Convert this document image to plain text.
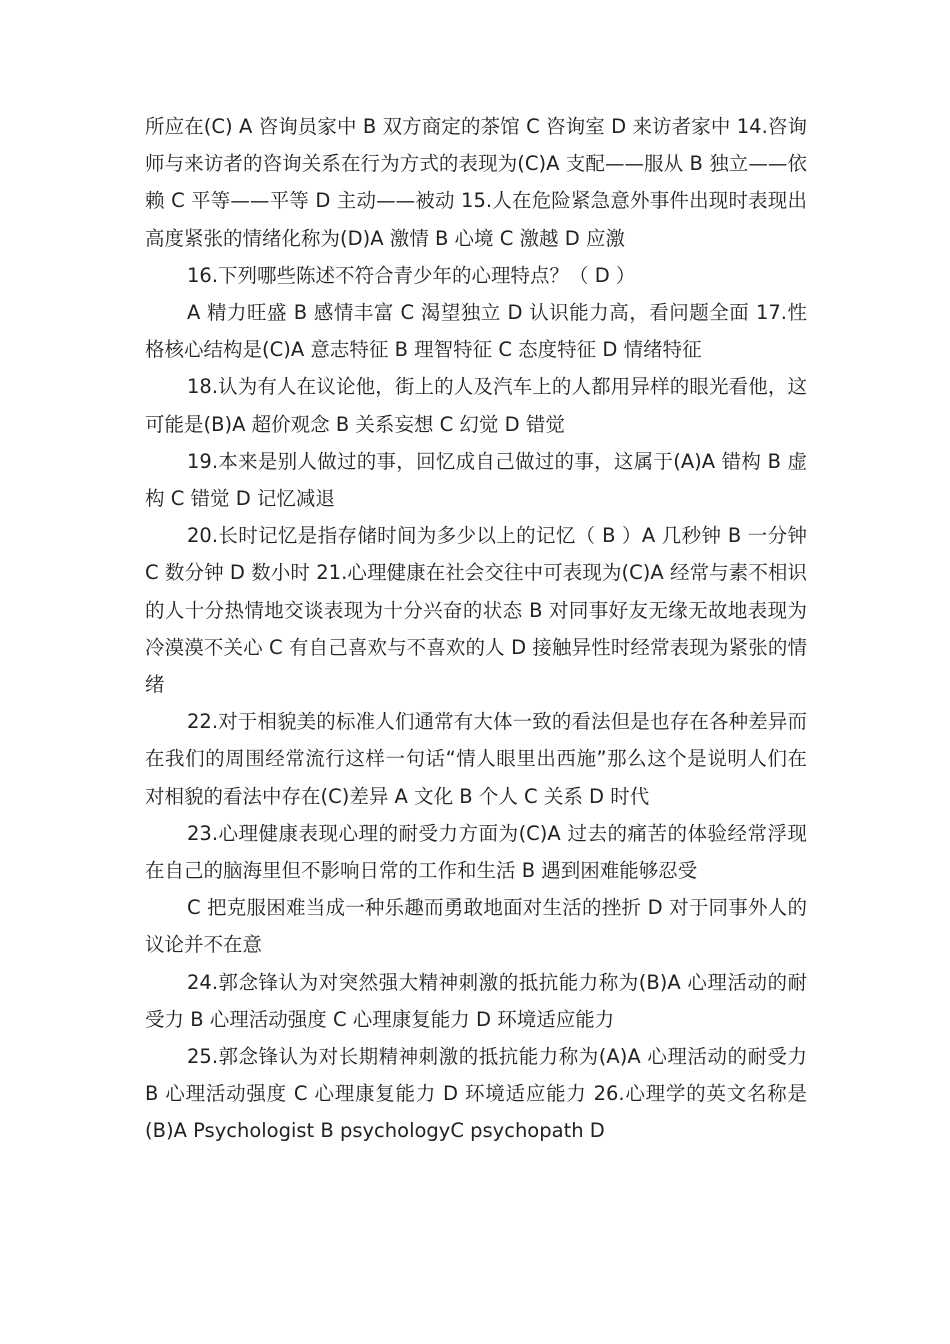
所应在(C) A 咨询员家中 B 双方商定的茶馆 C 咨询室 D 来访者家中 14.咨询师与来访者的咨询关系在行为方式的表现为(C)A 支配——服从 B 独立——依赖 C 平等——平等 D 主动——被动 15.人在危险紧急意外事件出现时表现出高度紧张的情绪化称为(D)A 激情 B 心境 C 激越 D 应激

16.下列哪些陈述不符合青少年的心理特点？（ D ）

A 精力旺盛 B 感情丰富 C 渴望独立 D 认识能力高，看问题全面 17.性格核心结构是(C)A 意志特征 B 理智特征 C 态度特征 D 情绪特征

18.认为有人在议论他，街上的人及汽车上的人都用异样的眼光看他，这可能是(B)A 超价观念 B 关系妄想 C 幻觉 D 错觉

19.本来是别人做过的事，回忆成自己做过的事，这属于(A)A 错构 B 虚构 C 错觉 D 记忆减退

20.长时记忆是指存储时间为多少以上的记忆（ B ）A 几秒钟 B 一分钟 C 数分钟 D 数小时 21.心理健康在社会交往中可表现为(C)A 经常与素不相识的人十分热情地交谈表现为十分兴奋的状态 B 对同事好友无缘无故地表现为冷漠漠不关心 C 有自己喜欢与不喜欢的人 D 接触异性时经常表现为紧张的情绪

22.对于相貌美的标准人们通常有大体一致的看法但是也存在各种差异而在我们的周围经常流行这样一句话“情人眼里出西施”那么这个是说明人们在对相貌的看法中存在(C)差异 A 文化 B 个人 C 关系 D 时代

23.心理健康表现心理的耐受力方面为(C)A 过去的痛苦的体验经常浮现在自己的脑海里但不影响日常的工作和生活 B 遇到困难能够忍受

C 把克服困难当成一种乐趣而勇敢地面对生活的挫折 D 对于同事外人的议论并不在意

24.郭念锋认为对突然强大精神刺激的抵抗能力称为(B)A 心理活动的耐受力 B 心理活动强度 C 心理康复能力 D 环境适应能力

25.郭念锋认为对长期精神刺激的抵抗能力称为(A)A 心理活动的耐受力 B 心理活动强度 C 心理康复能力 D 环境适应能力 26.心理学的英文名称是(B)A Psychologist B psychologyC psychopath D
